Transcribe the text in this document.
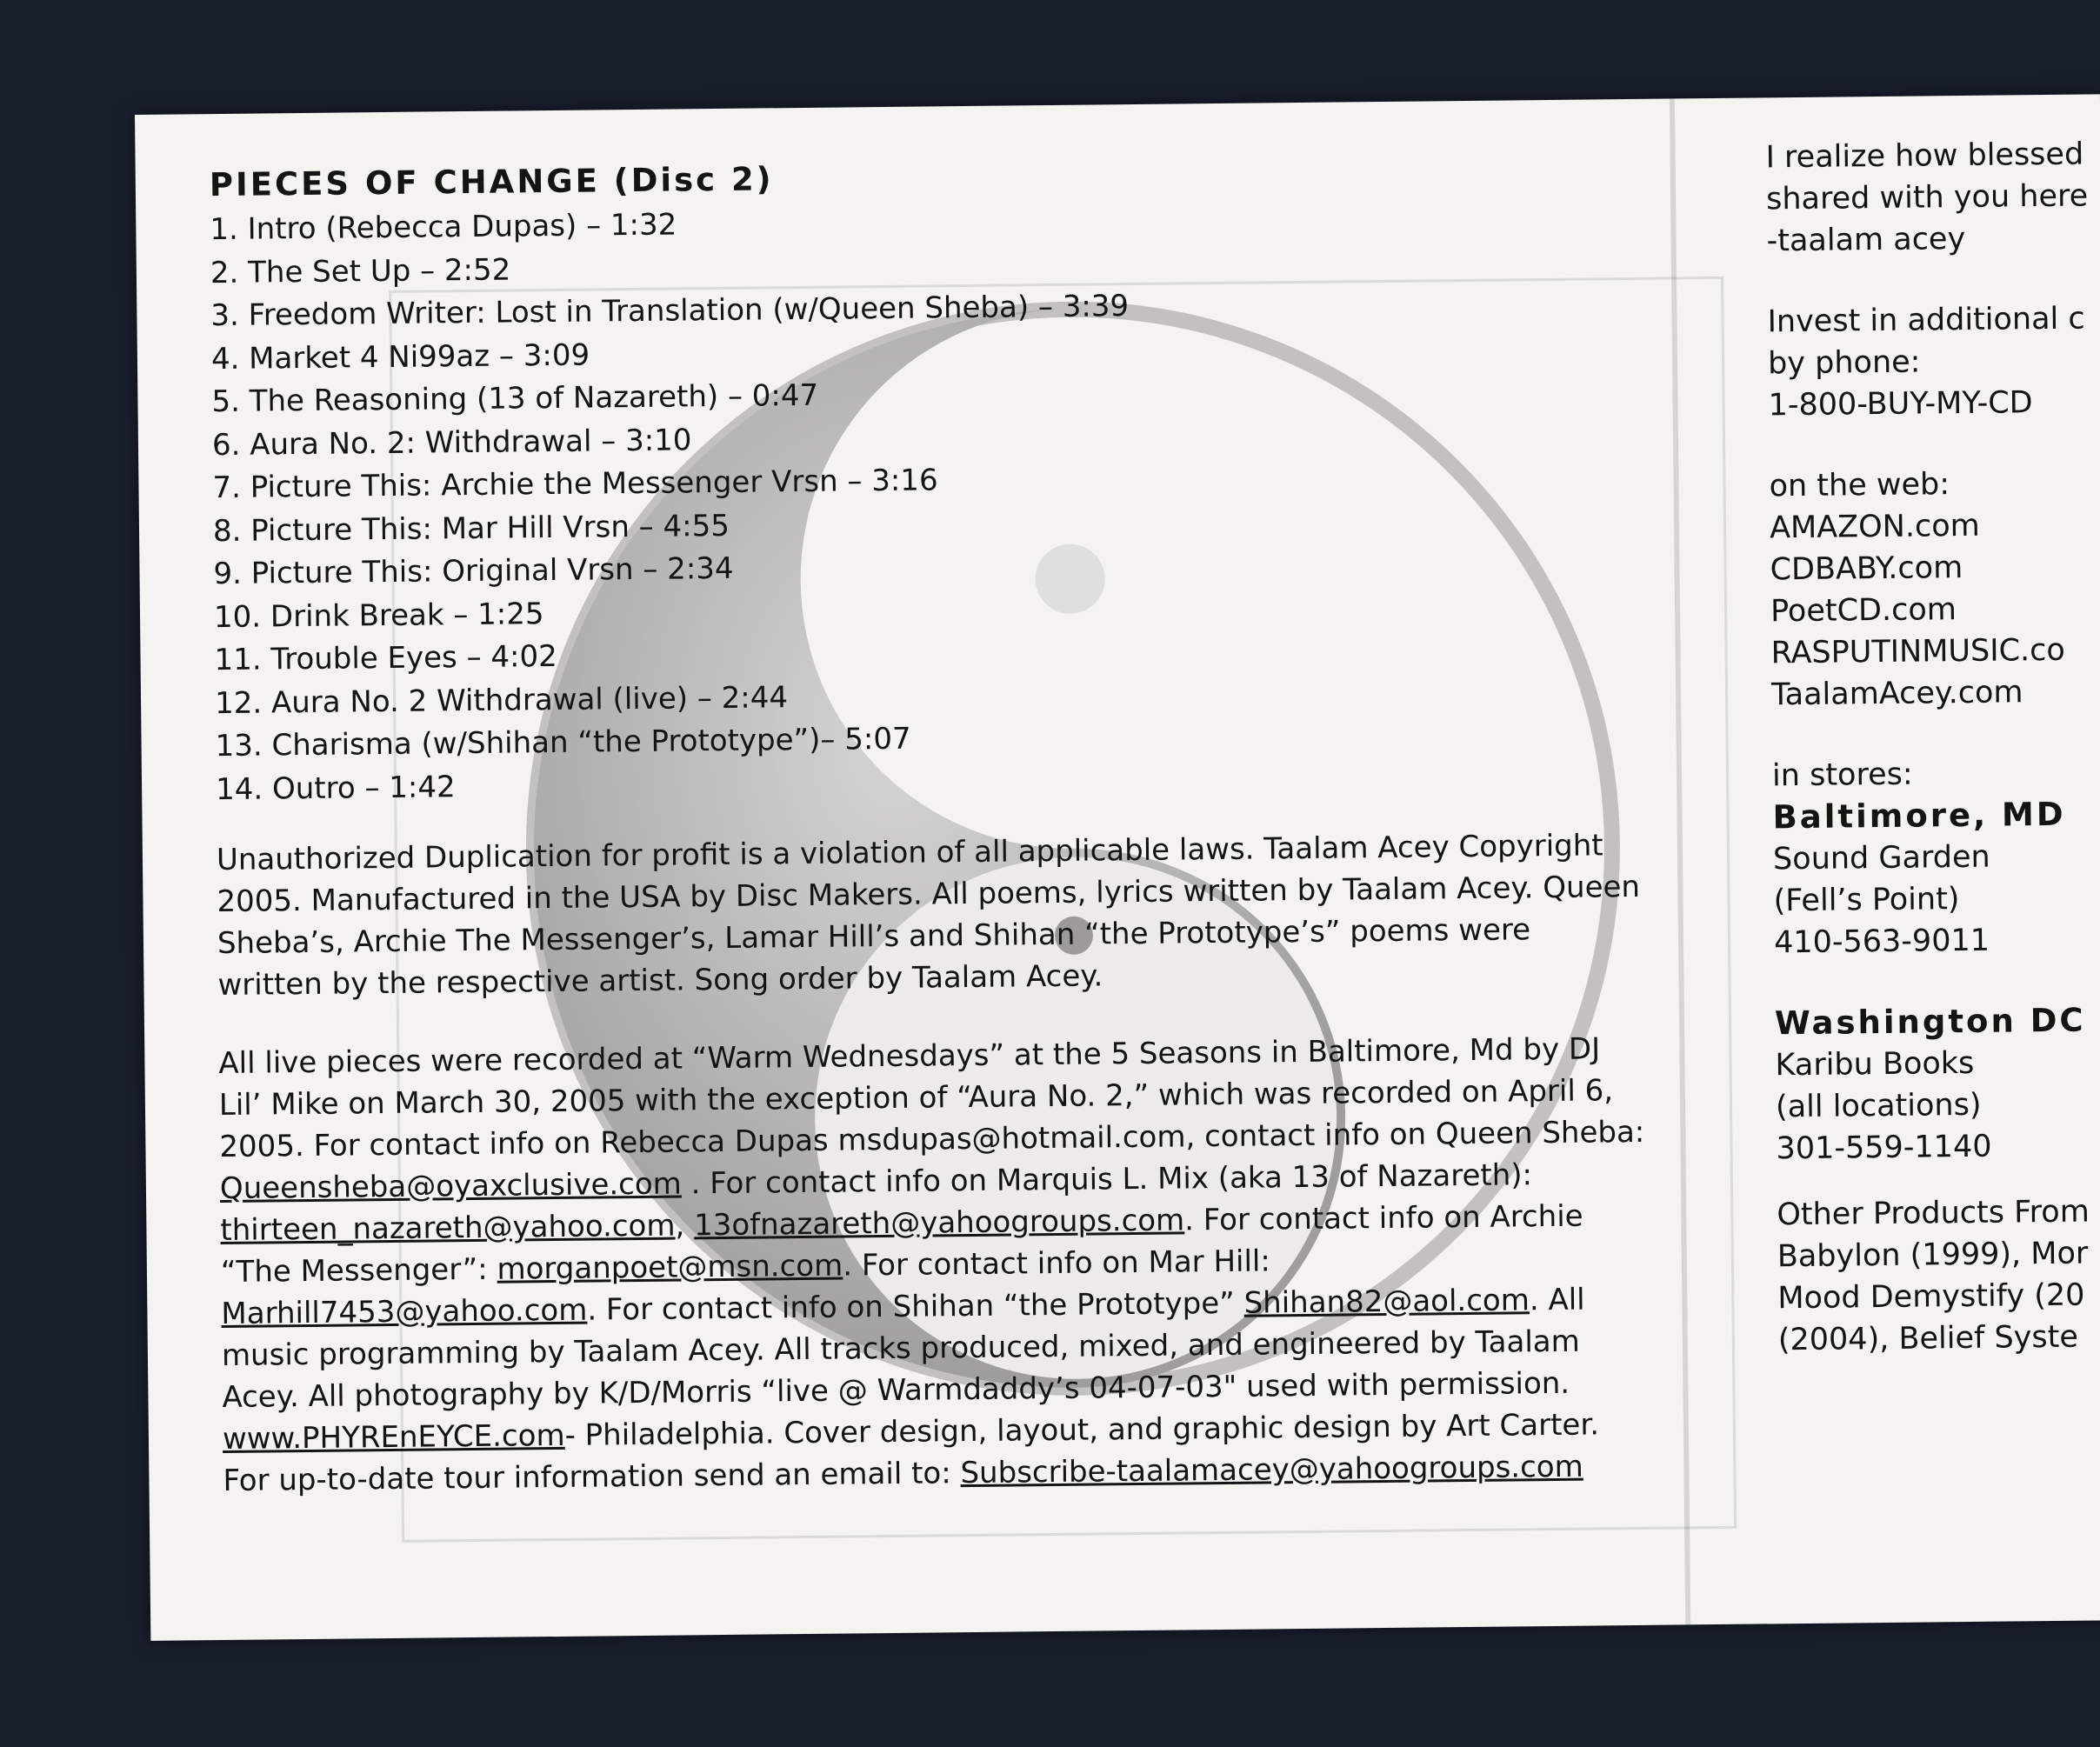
PIECES OF CHANGE (Disc 2)
1. Intro (Rebecca Dupas) – 1:32
2. The Set Up – 2:52
3. Freedom Writer: Lost in Translation (w/Queen Sheba) – 3:39
4. Market 4 Ni99az – 3:09
5. The Reasoning (13 of Nazareth) – 0:47
6. Aura No. 2: Withdrawal – 3:10
7. Picture This: Archie the Messenger Vrsn – 3:16
8. Picture This: Mar Hill Vrsn – 4:55
9. Picture This: Original Vrsn – 2:34
10. Drink Break – 1:25
11. Trouble Eyes – 4:02
12. Aura No. 2 Withdrawal (live) – 2:44
13. Charisma (w/Shihan “the Prototype”)– 5:07
14. Outro – 1:42

Unauthorized Duplication for profit is a violation of all applicable laws. Taalam Acey Copyright 2005. Manufactured in the USA by Disc Makers. All poems, lyrics written by Taalam Acey. Queen Sheba’s, Archie The Messenger’s, Lamar Hill’s and Shihan “the Prototype’s” poems were written by the respective artist. Song order by Taalam Acey.

All live pieces were recorded at “Warm Wednesdays” at the 5 Seasons in Baltimore, Md by DJ Lil’ Mike on March 30, 2005 with the exception of “Aura No. 2,” which was recorded on April 6, 2005. For contact info on Rebecca Dupas msdupas@hotmail.com, contact info on Queen Sheba: Queensheba@oyaxclusive.com . For contact info on Marquis L. Mix (aka 13 of Nazareth): thirteen_nazareth@yahoo.com, 13ofnazareth@yahoogroups.com. For contact info on Archie “The Messenger”: morganpoet@msn.com. For contact info on Mar Hill: Marhill7453@yahoo.com. For contact info on Shihan “the Prototype” Shihan82@aol.com. All music programming by Taalam Acey. All tracks produced, mixed, and engineered by Taalam Acey. All photography by K/D/Morris “live @ Warmdaddy’s 04-07-03" used with permission. www.PHYREnEYCE.com- Philadelphia. Cover design, layout, and graphic design by Art Carter. For up-to-date tour information send an email to: Subscribe-taalamacey@yahoogroups.com

I realize how blessed
shared with you here
-taalam acey
Invest in additional c
by phone:
1-800-BUY-MY-CD
on the web:
AMAZON.com
CDBABY.com
PoetCD.com
RASPUTINMUSIC.co
TaalamAcey.com
in stores:
Baltimore, MD
Sound Garden
(Fell’s Point)
410-563-9011
Washington DC
Karibu Books
(all locations)
301-559-1140
Other Products From
Babylon (1999), Mor
Mood Demystify (20
(2004), Belief Syste
